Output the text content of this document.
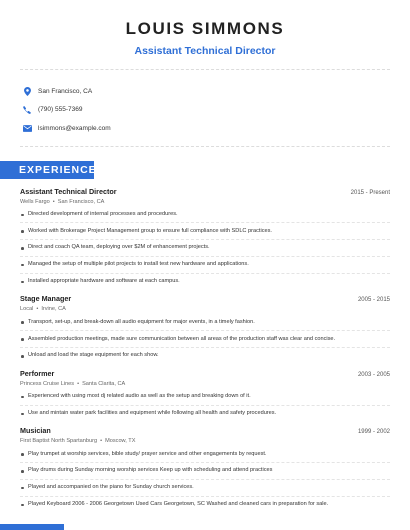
LOUIS SIMMONS
Assistant Technical Director
San Francisco, CA
(790) 555-7369
lsimmons@example.com
EXPERIENCE
Assistant Technical Director	2015 - Present
Wells Fargo • San Francisco, CA
Directed development of internal processes and procedures.
Worked with Brokerage Project Management group to ensure full compliance with SDLC practices.
Direct and coach QA team, deploying over $2M of enhancement projects.
Managed the setup of multiple pilot projects to install test new hardware and applications.
Installed appropriate hardware and software at each campus.
Stage Manager	2005 - 2015
Local • Irvine, CA
Transport, set-up, and break-down all audio equipment for major events, in a timely fashion.
Assembled production meetings, made sure communication between all areas of the production staff was clear and concise.
Unload and load the stage equipment for each show.
Performer	2003 - 2005
Princess Cruise Lines • Santa Clarita, CA
Experienced with using most dj related audio as well as the setup and breaking down of it.
Use and mintain water park facilities and equipment while following all health and safety procedures.
Musician	1999 - 2002
First Baptist North Spartanburg • Moscow, TX
Play trumpet at worship services, bible study/ prayer service and other engagements by request.
Play drums during Sunday morning worship services Keep up with scheduling and attend practices
Played and accompanied on the piano for Sunday church services.
Played Keyboard 2006 - 2006 Georgetown Used Cars Georgetown, SC Washed and cleaned cars in preparation for sale.
